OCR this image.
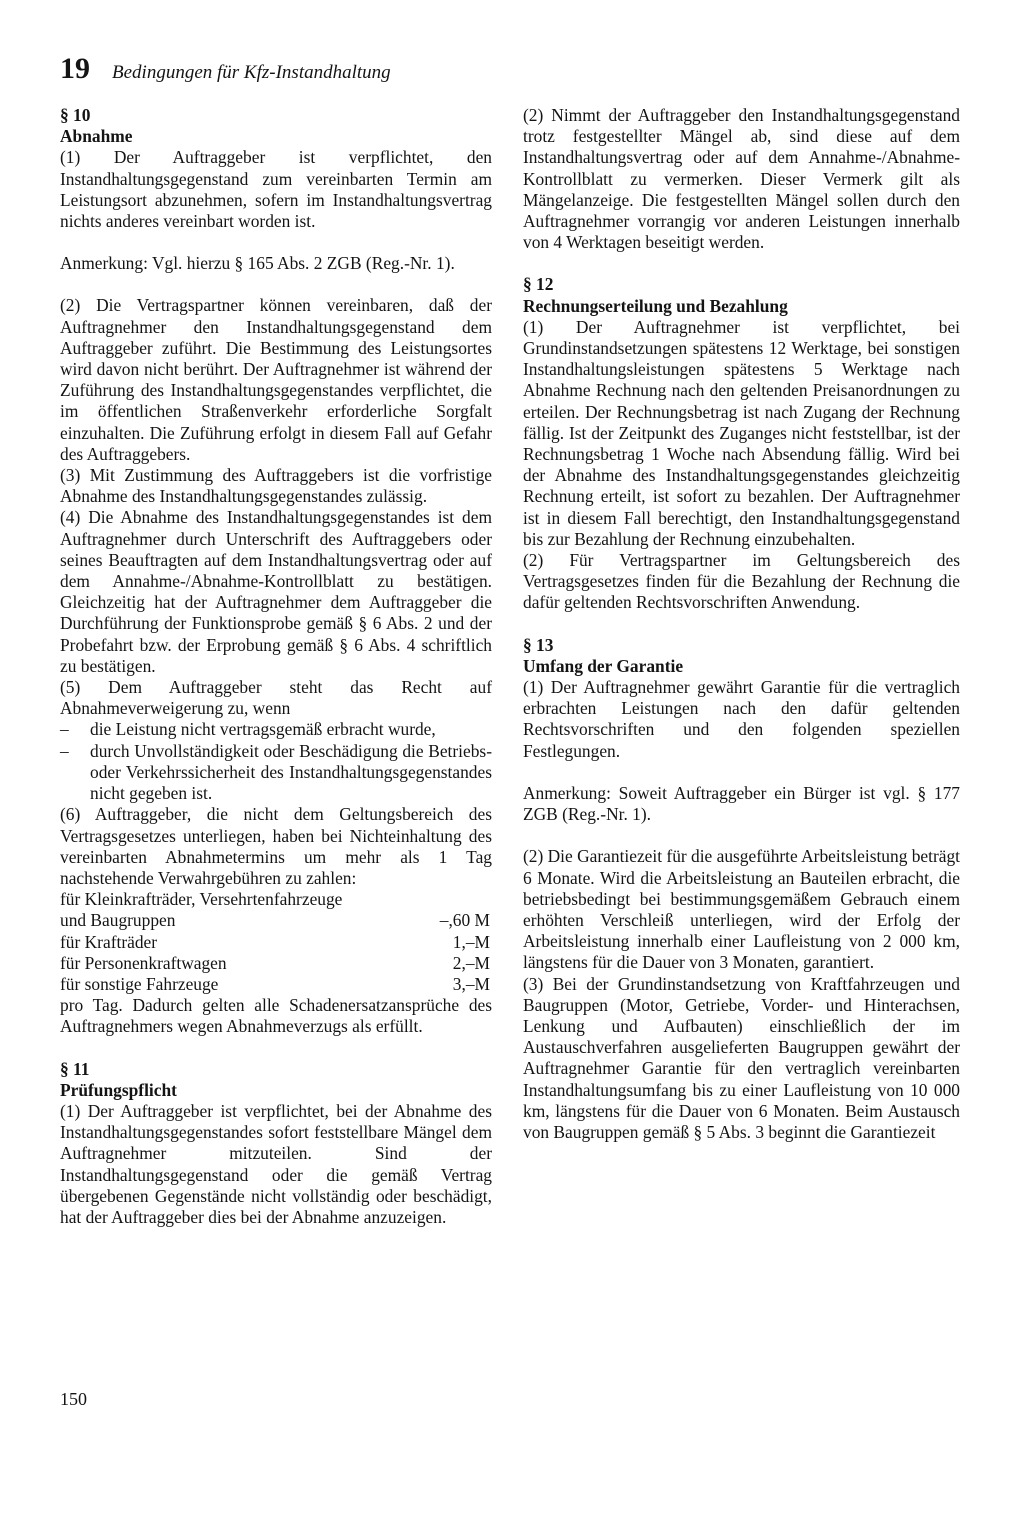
19 Bedingungen für Kfz-Instandhaltung
§ 10
Abnahme

(1) Der Auftraggeber ist verpflichtet, den Instandhaltungsgegenstand zum vereinbarten Termin am Leistungsort abzunehmen, sofern im Instandhaltungsvertrag nichts anderes vereinbart worden ist.

Anmerkung: Vgl. hierzu § 165 Abs. 2 ZGB (Reg.-Nr. 1).

(2) Die Vertragspartner können vereinbaren, daß der Auftragnehmer den Instandhaltungsgegenstand dem Auftraggeber zuführt. Die Bestimmung des Leistungsortes wird davon nicht berührt. Der Auftragnehmer ist während der Zuführung des Instandhaltungsgegenstandes verpflichtet, die im öffentlichen Straßenverkehr erforderliche Sorgfalt einzuhalten. Die Zuführung erfolgt in diesem Fall auf Gefahr des Auftraggebers.

(3) Mit Zustimmung des Auftraggebers ist die vorfristige Abnahme des Instandhaltungsgegenstandes zulässig.

(4) Die Abnahme des Instandhaltungsgegenstandes ist dem Auftragnehmer durch Unterschrift des Auftraggebers oder seines Beauftragten auf dem Instandhaltungsvertrag oder auf dem Annahme-/Abnahme-Kontrollblatt zu bestätigen. Gleichzeitig hat der Auftragnehmer dem Auftraggeber die Durchführung der Funktionsprobe gemäß § 6 Abs. 2 und der Probefahrt bzw. der Erprobung gemäß § 6 Abs. 4 schriftlich zu bestätigen.

(5) Dem Auftraggeber steht das Recht auf Abnahmeverweigerung zu, wenn

–	die Leistung nicht vertragsgemäß erbracht wurde,
–	durch Unvollständigkeit oder Beschädigung die Betriebs- oder Verkehrssicherheit des Instandhaltungsgegenstandes nicht gegeben ist.

(6) Auftraggeber, die nicht dem Geltungsbereich des Vertragsgesetzes unterliegen, haben bei Nichteinhaltung des vereinbarten Abnahmetermins um mehr als 1 Tag nachstehende Verwahrgebühren zu zahlen:

für Kleinkrafträder, Versehrtenfahrzeuge

und Baugruppen	–,60 M
für Krafträder	1,–M
für Personenkraftwagen	2,–M
für sonstige Fahrzeuge	3,–M

pro Tag. Dadurch gelten alle Schadenersatzansprüche des Auftragnehmers wegen Abnahmeverzugs als erfüllt.

§ 11
Prüfungspflicht

(1) Der Auftraggeber ist verpflichtet, bei der Abnahme des Instandhaltungsgegenstandes sofort feststellbare Mängel dem Auftragnehmer mitzuteilen. Sind der Instandhaltungsgegenstand oder die gemäß Vertrag übergebenen Gegenstände nicht vollständig oder beschädigt, hat der Auftraggeber dies bei der Abnahme anzuzeigen.

(2) Nimmt der Auftraggeber den Instandhaltungsgegenstand trotz festgestellter Mängel ab, sind diese auf dem Instandhaltungsvertrag oder auf dem Annahme-/Abnahme-Kontrollblatt zu vermerken. Dieser Vermerk gilt als Mängelanzeige. Die festgestellten Mängel sollen durch den Auftragnehmer vorrangig vor anderen Leistungen innerhalb von 4 Werktagen beseitigt werden.

§ 12
Rechnungserteilung und Bezahlung

(1) Der Auftragnehmer ist verpflichtet, bei Grundinstandsetzungen spätestens 12 Werktage, bei sonstigen Instandhaltungsleistungen spätestens 5 Werktage nach Abnahme Rechnung nach den geltenden Preisanordnungen zu erteilen. Der Rechnungsbetrag ist nach Zugang der Rechnung fällig. Ist der Zeitpunkt des Zuganges nicht feststellbar, ist der Rechnungsbetrag 1 Woche nach Absendung fällig. Wird bei der Abnahme des Instandhaltungsgegenstandes gleichzeitig Rechnung erteilt, ist sofort zu bezahlen. Der Auftragnehmer ist in diesem Fall berechtigt, den Instandhaltungsgegenstand bis zur Bezahlung der Rechnung einzubehalten.

(2) Für Vertragspartner im Geltungsbereich des Vertragsgesetzes finden für die Bezahlung der Rechnung die dafür geltenden Rechtsvorschriften Anwendung.

§ 13
Umfang der Garantie

(1) Der Auftragnehmer gewährt Garantie für die vertraglich erbrachten Leistungen nach den dafür geltenden Rechtsvorschriften und den folgenden speziellen Festlegungen.

Anmerkung: Soweit Auftraggeber ein Bürger ist vgl. § 177 ZGB (Reg.-Nr. 1).

(2) Die Garantiezeit für die ausgeführte Arbeitsleistung beträgt 6 Monate. Wird die Arbeitsleistung an Bauteilen erbracht, die betriebsbedingt bei bestimmungsgemäßem Gebrauch einem erhöhten Verschleiß unterliegen, wird der Erfolg der Arbeitsleistung innerhalb einer Laufleistung von 2 000 km, längstens für die Dauer von 3 Monaten, garantiert.

(3) Bei der Grundinstandsetzung von Kraftfahrzeugen und Baugruppen (Motor, Getriebe, Vorder- und Hinterachsen, Lenkung und Aufbauten) einschließlich der im Austauschverfahren ausgelieferten Baugruppen gewährt der Auftragnehmer Garantie für den vertraglich vereinbarten Instandhaltungsumfang bis zu einer Laufleistung von 10 000 km, längstens für die Dauer von 6 Monaten. Beim Austausch von Baugruppen gemäß § 5 Abs. 3 beginnt die Garantiezeit

150
